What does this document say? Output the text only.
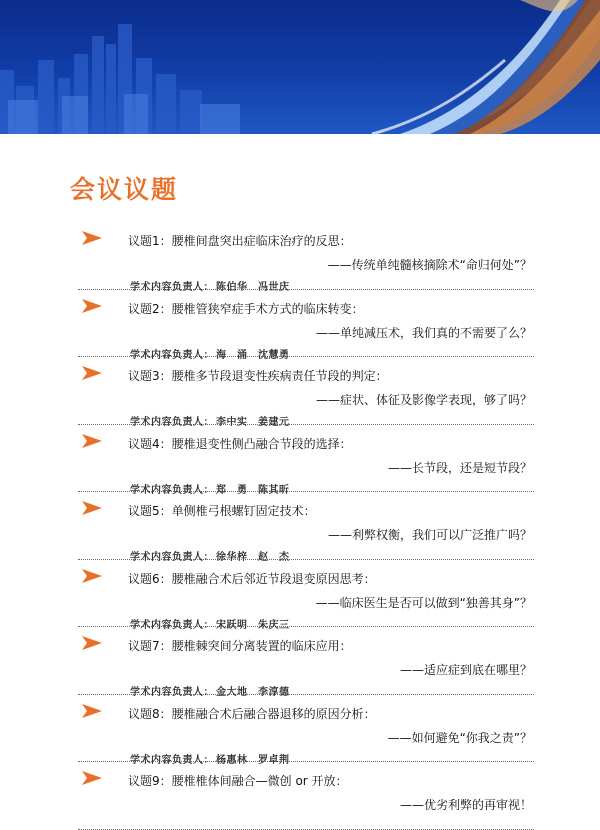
会议议题
议题1：腰椎间盘突出症临床治疗的反思：
——传统单纯髓核摘除术“命归何处”？
学术内容负责人： 陈伯华　冯世庆
议题2：腰椎管狭窄症手术方式的临床转变：
——单纯减压术，我们真的不需要了么？
学术内容负责人： 海　涌　沈慧勇
议题3：腰椎多节段退变性疾病责任节段的判定：
——症状、体征及影像学表现，够了吗？
学术内容负责人： 李中实　姜建元
议题4：腰椎退变性侧凸融合节段的选择：
——长节段，还是短节段？
学术内容负责人： 郑　勇　陈其昕
议题5：单侧椎弓根螺钉固定技术：
——利弊权衡，我们可以广泛推广吗？
学术内容负责人： 徐华梓　赵　杰
议题6：腰椎融合术后邻近节段退变原因思考：
——临床医生是否可以做到“独善其身”？
学术内容负责人： 宋跃明　朱庆三
议题7：腰椎棘突间分离装置的临床应用：
——适应症到底在哪里？
学术内容负责人： 金大地　李淳德
议题8：腰椎融合术后融合器退移的原因分析：
——如何避免“你我之责”？
学术内容负责人： 杨惠林　罗卓荆
议题9：腰椎椎体间融合—微创 or 开放：
——优劣利弊的再审视！
